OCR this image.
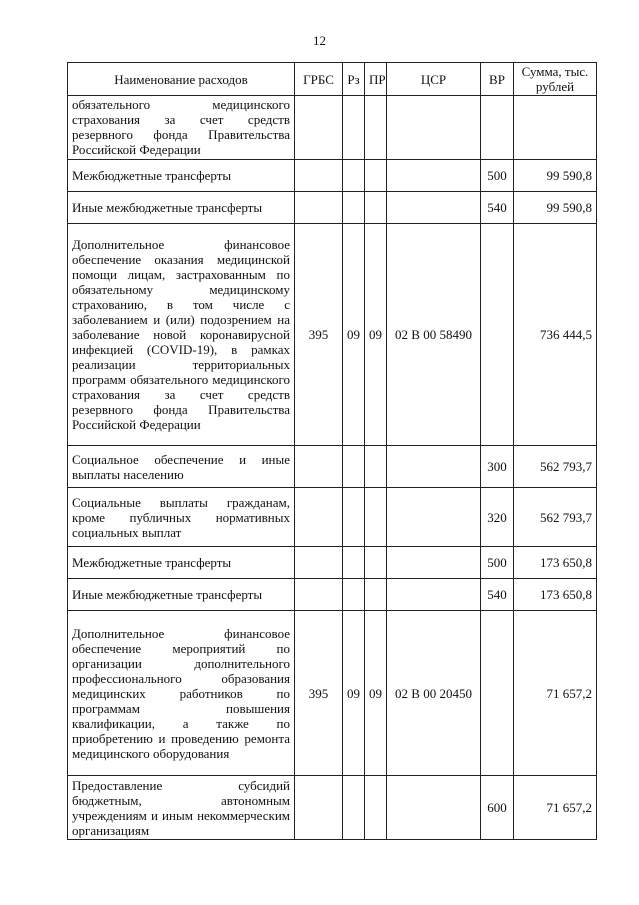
12
Наименование расходов	ГРБС	Рз	ПР	ЦСР	ВР	Сумма, тыс. рублей
обязательного медицинского страхования за счет средств резервного фонда Правительства Российской Федерации						
Межбюджетные трансферты					500	99 590,8
Иные межбюджетные трансферты					540	99 590,8
Дополнительное финансовое обеспечение оказания медицинской помощи лицам, застрахованным по обязательному медицинскому страхованию, в том числе с заболеванием и (или) подозрением на заболевание новой коронавирусной инфекцией (COVID-19), в рамках реализации территориальных программ обязательного медицинского страхования за счет средств резервного фонда Правительства Российской Федерации	395	09	09	02 В 00 58490		736 444,5
Социальное обеспечение и иные выплаты населению					300	562 793,7
Социальные выплаты гражданам, кроме публичных нормативных социальных выплат					320	562 793,7
Межбюджетные трансферты					500	173 650,8
Иные межбюджетные трансферты					540	173 650,8
Дополнительное финансовое обеспечение мероприятий по организации дополнительного профессионального образования медицинских работников по программам повышения квалификации, а также по приобретению и проведению ремонта медицинского оборудования	395	09	09	02 В 00 20450		71 657,2
Предоставление субсидий бюджетным, автономным учреждениям и иным некоммерческим организациям					600	71 657,2
